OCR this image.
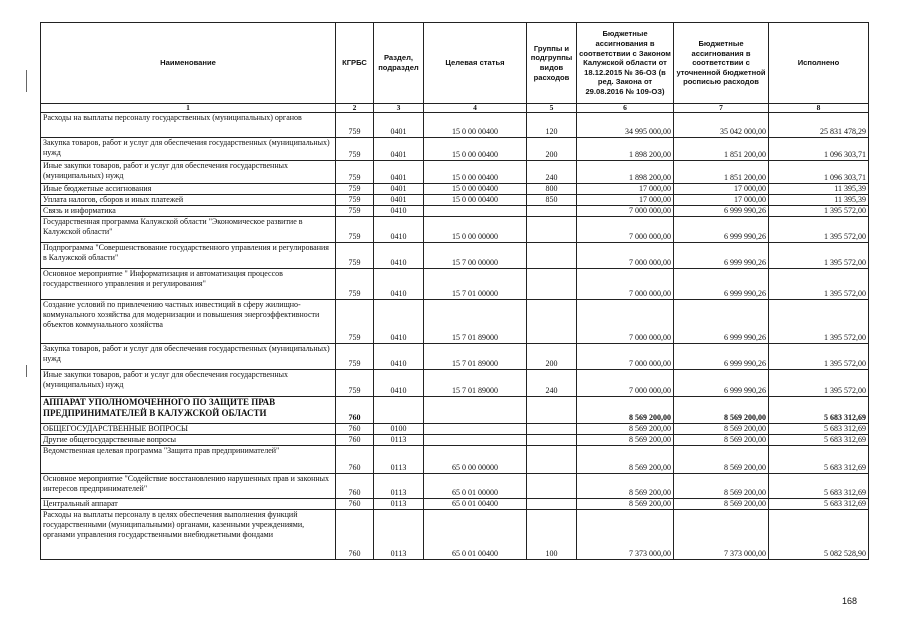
Наименование	КГРБС	Раздел, подраздел	Целевая статья	Группы и подгруппы видов расходов	Бюджетные ассигнования в соответствии с Законом Калужской области от 18.12.2015 № 36-ОЗ (в ред. Закона от 29.08.2016 № 109-ОЗ)	Бюджетные ассигнования в соответствии с уточненной бюджетной росписью расходов	Исполнено
1	2	3	4	5	6	7	8
Расходы на выплаты персоналу государственных (муниципальных) органов	759	0401	15 0 00 00400	120	34 995 000,00	35 042 000,00	25 831 478,29
Закупка товаров, работ и услуг для обеспечения государственных (муниципальных) нужд	759	0401	15 0 00 00400	200	1 898 200,00	1 851 200,00	1 096 303,71
Иные закупки товаров, работ и услуг для обеспечения государственных (муниципальных) нужд	759	0401	15 0 00 00400	240	1 898 200,00	1 851 200,00	1 096 303,71
Иные бюджетные ассигнования	759	0401	15 0 00 00400	800	17 000,00	17 000,00	11 395,39
Уплата налогов, сборов и иных платежей	759	0401	15 0 00 00400	850	17 000,00	17 000,00	11 395,39
Связь и информатика	759	0410			7 000 000,00	6 999 990,26	1 395 572,00
Государственная программа Калужской области "Экономическое развитие в Калужской области"	759	0410	15 0 00 00000		7 000 000,00	6 999 990,26	1 395 572,00
Подпрограмма "Совершенствование государственного управления и регулирования в Калужской области"	759	0410	15 7 00 00000		7 000 000,00	6 999 990,26	1 395 572,00
Основное мероприятие " Информатизация и автоматизация процессов государственного управления и регулирования"	759	0410	15 7 01 00000		7 000 000,00	6 999 990,26	1 395 572,00
Создание условий по привлечению частных инвестиций в сферу жилищно-коммунального хозяйства для модернизации и повышения энергоэффективности объектов коммунального хозяйства	759	0410	15 7 01 89000		7 000 000,00	6 999 990,26	1 395 572,00
Закупка товаров, работ и услуг для обеспечения государственных (муниципальных) нужд	759	0410	15 7 01 89000	200	7 000 000,00	6 999 990,26	1 395 572,00
Иные закупки товаров, работ и услуг для обеспечения государственных (муниципальных) нужд	759	0410	15 7 01 89000	240	7 000 000,00	6 999 990,26	1 395 572,00
АППАРАТ УПОЛНОМОЧЕННОГО ПО ЗАЩИТЕ ПРАВ ПРЕДПРИНИМАТЕЛЕЙ В КАЛУЖСКОЙ ОБЛАСТИ	760				8 569 200,00	8 569 200,00	5 683 312,69
ОБЩЕГОСУДАРСТВЕННЫЕ ВОПРОСЫ	760	0100			8 569 200,00	8 569 200,00	5 683 312,69
Другие общегосударственные вопросы	760	0113			8 569 200,00	8 569 200,00	5 683 312,69
Ведомственная целевая программа "Защита прав предпринимателей"	760	0113	65 0 00 00000		8 569 200,00	8 569 200,00	5 683 312,69
Основное мероприятие "Содействие восстановлению нарушенных прав и законных интересов предпринимателей"	760	0113	65 0 01 00000		8 569 200,00	8 569 200,00	5 683 312,69
Центральный аппарат	760	0113	65 0 01 00400		8 569 200,00	8 569 200,00	5 683 312,69
Расходы на выплаты персоналу в целях обеспечения выполнения функций государственными (муниципальными) органами, казенными учреждениями, органами управления государственными внебюджетными фондами	760	0113	65 0 01 00400	100	7 373 000,00	7 373 000,00	5 082 528,90
168
